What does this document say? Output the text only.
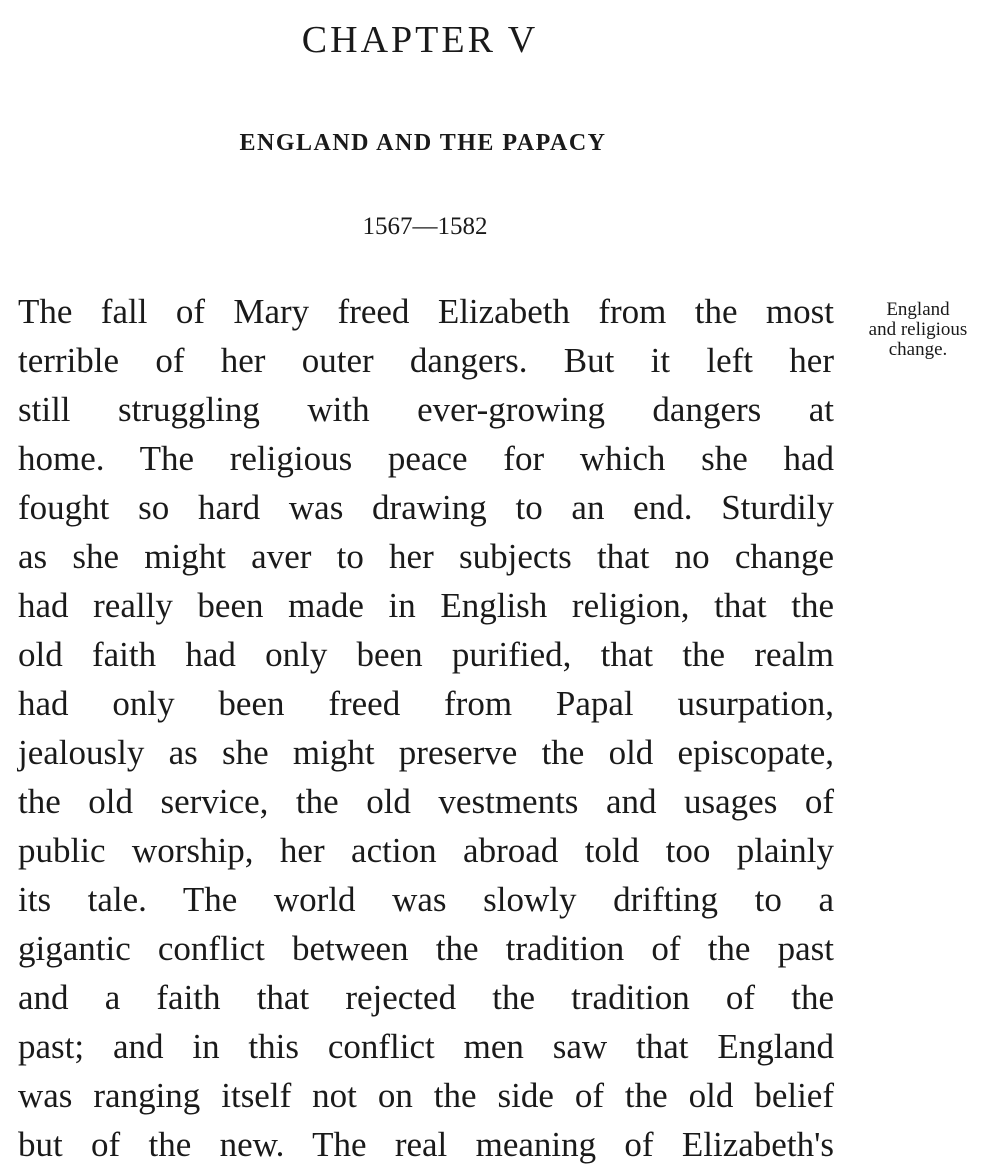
CHAPTER V
ENGLAND AND THE PAPACY
1567—1582
England
and religious
change.
The fall of Mary freed Elizabeth from the most
terrible of her outer dangers. But it left her
still struggling with ever-growing dangers at
home. The religious peace for which she had
fought so hard was drawing to an end. Sturdily
as she might aver to her subjects that no change
had really been made in English religion, that the
old faith had only been purified, that the realm
had only been freed from Papal usurpation,
jealously as she might preserve the old episcopate,
the old service, the old vestments and usages of
public worship, her action abroad told too plainly
its tale. The world was slowly drifting to a
gigantic conflict between the tradition of the past
and a faith that rejected the tradition of the
past; and in this conflict men saw that England
was ranging itself not on the side of the old belief
but of the new. The real meaning of Elizabeth's
